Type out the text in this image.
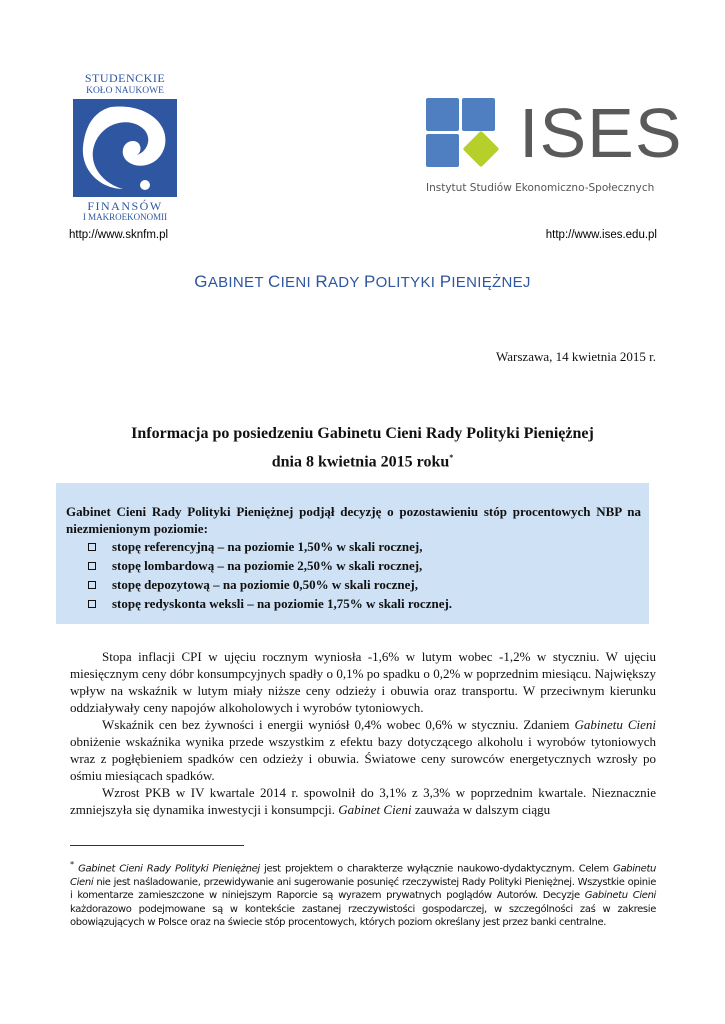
STUDENCKIE
KOŁO NAUKOWE
FINANSÓW
I MAKROEKONOMII
ISES
Instytut Studiów Ekonomiczno-Społecznych
http://www.sknfm.pl	http://www.ises.edu.pl
GABINET CIENI RADY POLITYKI PIENIĘŻNEJ
Warszawa, 14 kwietnia 2015 r.
Informacja po posiedzeniu Gabinetu Cieni Rady Polityki Pieniężnej
dnia 8 kwietnia 2015 roku*
Gabinet Cieni Rady Polityki Pieniężnej podjął decyzję o pozostawieniu stóp procentowych NBP na niezmienionym poziomie:
stopę referencyjną – na poziomie 1,50% w skali rocznej,
stopę lombardową – na poziomie 2,50% w skali rocznej,
stopę depozytową – na poziomie 0,50% w skali rocznej,
stopę redyskonta weksli – na poziomie 1,75% w skali rocznej.

Stopa inflacji CPI w ujęciu rocznym wyniosła -1,6% w lutym wobec -1,2% w styczniu. W ujęciu miesięcznym ceny dóbr konsumpcyjnych spadły o 0,1% po spadku o 0,2% w poprzednim miesiącu. Największy wpływ na wskaźnik w lutym miały niższe ceny odzieży i obuwia oraz transportu. W przeciwnym kierunku oddziaływały ceny napojów alkoholowych i wyrobów tytoniowych.

Wskaźnik cen bez żywności i energii wyniósł 0,4% wobec 0,6% w styczniu. Zdaniem Gabinetu Cieni obniżenie wskaźnika wynika przede wszystkim z efektu bazy dotyczącego alkoholu i wyrobów tytoniowych wraz z pogłębieniem spadków cen odzieży i obuwia. Światowe ceny surowców energetycznych wzrosły po ośmiu miesiącach spadków.

Wzrost PKB w IV kwartale 2014 r. spowolnił do 3,1% z 3,3% w poprzednim kwartale. Nieznacznie zmniejszyła się dynamika inwestycji i konsumpcji. Gabinet Cieni zauważa w dalszym ciągu

* Gabinet Cieni Rady Polityki Pieniężnej jest projektem o charakterze wyłącznie naukowo-dydaktycznym. Celem Gabinetu Cieni nie jest naśladowanie, przewidywanie ani sugerowanie posunięć rzeczywistej Rady Polityki Pieniężnej. Wszystkie opinie i komentarze zamieszczone w niniejszym Raporcie są wyrazem prywatnych poglądów Autorów. Decyzje Gabinetu Cieni każdorazowo podejmowane są w kontekście zastanej rzeczywistości gospodarczej, w szczególności zaś w zakresie obowiązujących w Polsce oraz na świecie stóp procentowych, których poziom określany jest przez banki centralne.
